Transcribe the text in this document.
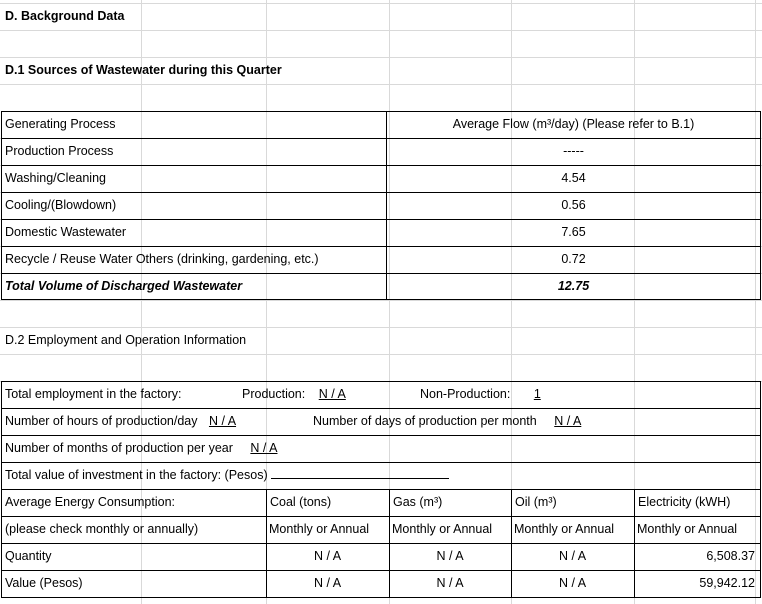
D. Background Data
D.1 Sources of Wastewater during this Quarter
Generating Process	Average Flow (m³/day) (Please refer to B.1)
Production Process	-----
Washing/Cleaning	4.54
Cooling/(Blowdown)	0.56
Domestic Wastewater	7.65
Recycle / Reuse Water Others (drinking, gardening, etc.)	0.72
Total Volume of Discharged Wastewater	12.75
D.2 Employment and Operation Information
Total employment in the factory:	Production: N / A	Non-Production: 1
Number of hours of production/day N / A	Number of days of production per month N / A
Number of months of production per year N / A
Total value of investment in the factory: (Pesos)
Average Energy Consumption:	Coal (tons)	Gas (m³)	Oil (m³)	Electricity (kWH)
(please check monthly or annually)	Monthly or Annual Monthly or Annual Monthly or Annual Monthly or Annual
Quantity	N / A	N / A	N / A	6,508.37
Value (Pesos)	N / A	N / A	N / A	59,942.12
